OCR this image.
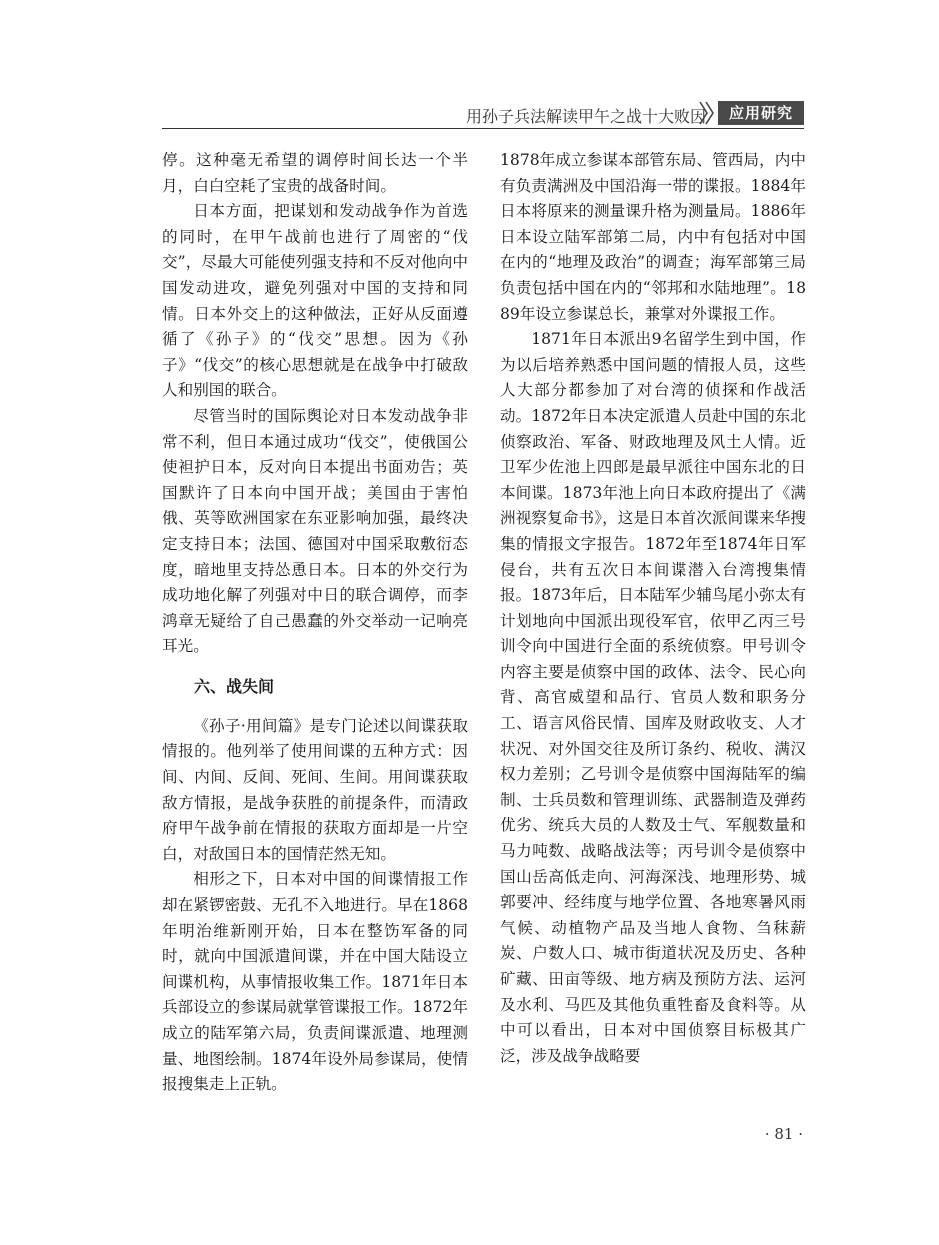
用孙子兵法解读甲午之战十大败因	应用研究

停。这种毫无希望的调停时间长达一个半月，白白空耗了宝贵的战备时间。

日本方面，把谋划和发动战争作为首选的同时，在甲午战前也进行了周密的“伐交”，尽最大可能使列强支持和不反对他向中国发动进攻，避免列强对中国的支持和同情。日本外交上的这种做法，正好从反面遵循了《孙子》的“伐交”思想。因为《孙子》“伐交”的核心思想就是在战争中打破敌人和别国的联合。

尽管当时的国际舆论对日本发动战争非常不利，但日本通过成功“伐交”，使俄国公使袒护日本，反对向日本提出书面劝告；英国默许了日本向中国开战；美国由于害怕俄、英等欧洲国家在东亚影响加强，最终决定支持日本；法国、德国对中国采取敷衍态度，暗地里支持怂恿日本。日本的外交行为成功地化解了列强对中日的联合调停，而李鸿章无疑给了自己愚蠢的外交举动一记响亮耳光。

六、战失间

《孙子·用间篇》是专门论述以间谍获取情报的。他列举了使用间谍的五种方式：因间、内间、反间、死间、生间。用间谍获取敌方情报，是战争获胜的前提条件，而清政府甲午战争前在情报的获取方面却是一片空白，对敌国日本的国情茫然无知。

相形之下，日本对中国的间谍情报工作却在紧锣密鼓、无孔不入地进行。早在1868年明治维新刚开始，日本在整饬军备的同时，就向中国派遣间谍，并在中国大陆设立间谍机构，从事情报收集工作。1871年日本兵部设立的参谋局就掌管谍报工作。1872年成立的陆军第六局，负责间谍派遣、地理测量、地图绘制。1874年设外局参谋局，使情报搜集走上正轨。

1878年成立参谋本部管东局、管西局，内中有负责满洲及中国沿海一带的谍报。1884年日本将原来的测量课升格为测量局。1886年日本设立陆军部第二局，内中有包括对中国在内的“地理及政治”的调查；海军部第三局负责包括中国在内的“邻邦和水陆地理”。1889年设立参谋总长，兼掌对外谍报工作。

1871年日本派出9名留学生到中国，作为以后培养熟悉中国问题的情报人员，这些人大部分都参加了对台湾的侦探和作战活动。1872年日本决定派遣人员赴中国的东北侦察政治、军备、财政地理及风土人情。近卫军少佐池上四郎是最早派往中国东北的日本间谍。1873年池上向日本政府提出了《满洲视察复命书》，这是日本首次派间谍来华搜集的情报文字报告。1872年至1874年日军侵台，共有五次日本间谍潜入台湾搜集情报。1873年后，日本陆军少辅鸟尾小弥太有计划地向中国派出现役军官，依甲乙丙三号训令向中国进行全面的系统侦察。甲号训令内容主要是侦察中国的政体、法令、民心向背、高官威望和品行、官员人数和职务分工、语言风俗民情、国库及财政收支、人才状况、对外国交往及所订条约、税收、满汉权力差别；乙号训令是侦察中国海陆军的编制、士兵员数和管理训练、武器制造及弹药优劣、统兵大员的人数及士气、军舰数量和马力吨数、战略战法等；丙号训令是侦察中国山岳高低走向、河海深浅、地理形势、城郭要冲、经纬度与地学位置、各地寒暑风雨气候、动植物产品及当地人食物、刍秣薪炭、户数人口、城市街道状况及历史、各种矿藏、田亩等级、地方病及预防方法、运河及水利、马匹及其他负重牲畜及食料等。从中可以看出，日本对中国侦察目标极其广泛，涉及战争战略要

· 81 ·
